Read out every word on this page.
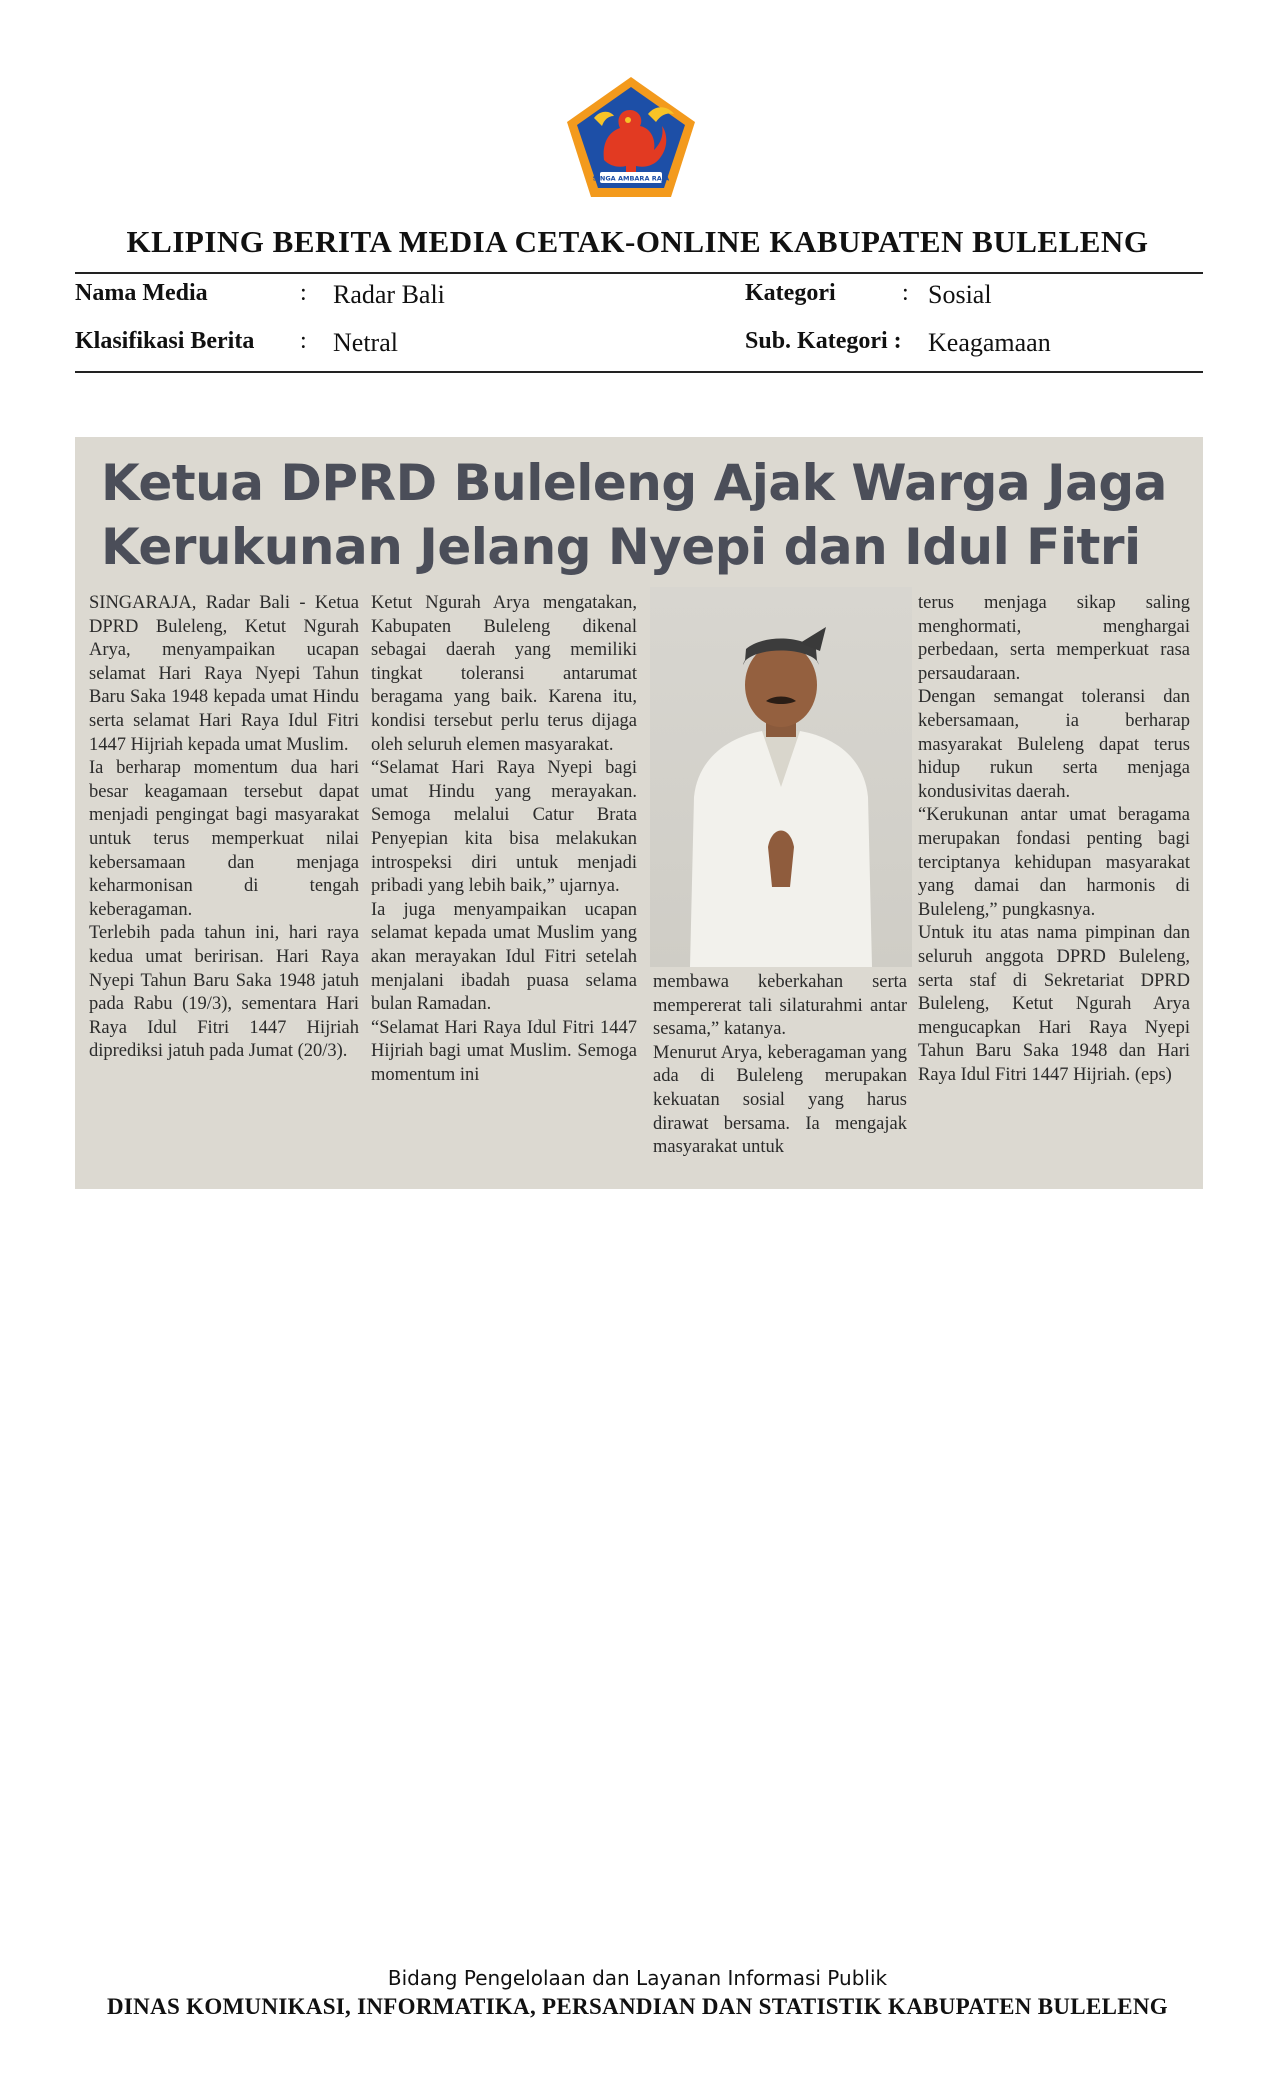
SINGA AMBARA RAJA
KLIPING BERITA MEDIA CETAK-ONLINE KABUPATEN BULELENG
Nama Media	: Radar Bali
Klasifikasi Berita : Netral
Kategori	: Sosial
Sub. Kategori : Keagamaan
Ketua DPRD Buleleng Ajak Warga Jaga
Kerukunan Jelang Nyepi dan Idul Fitri
SINGARAJA, Radar Bali - Ketua DPRD Buleleng, Ketut Ngurah Arya, menyampaikan ucapan selamat Hari Raya Nyepi Tahun Baru Saka 1948 kepada umat Hindu serta selamat Hari Raya Idul Fitri 1447 Hijriah kepada umat Muslim.
Ia berharap momentum dua hari besar keagamaan tersebut dapat menjadi pengingat bagi masyarakat untuk terus memperkuat nilai kebersamaan dan menjaga keharmonisan di tengah keberagaman.
Terlebih pada tahun ini, hari raya kedua umat beririsan. Hari Raya Nyepi Tahun Baru Saka 1948 jatuh pada Rabu (19/3), sementara Hari Raya Idul Fitri 1447 Hijriah diprediksi jatuh pada Jumat (20/3).
Ketut Ngurah Arya mengatakan, Kabupaten Buleleng dikenal sebagai daerah yang memiliki tingkat toleransi antarumat beragama yang baik. Karena itu, kondisi tersebut perlu terus dijaga oleh seluruh elemen masyarakat.
“Selamat Hari Raya Nyepi bagi umat Hindu yang merayakan. Semoga melalui Catur Brata Penyepian kita bisa melakukan introspeksi diri untuk menjadi pribadi yang lebih baik,” ujarnya.
Ia juga menyampaikan ucapan selamat kepada umat Muslim yang akan merayakan Idul Fitri setelah menjalani ibadah puasa selama bulan Ramadan.
“Selamat Hari Raya Idul Fitri 1447 Hijriah bagi umat Muslim. Semoga momentum ini
membawa keberkahan serta mempererat tali silaturahmi antar sesama,” katanya.
Menurut Arya, keberagaman yang ada di Buleleng merupakan kekuatan sosial yang harus dirawat bersama. Ia mengajak masyarakat untuk
terus menjaga sikap saling menghormati, menghargai perbedaan, serta memperkuat rasa persaudaraan.
Dengan semangat toleransi dan kebersamaan, ia berharap masyarakat Buleleng dapat terus hidup rukun serta menjaga kondusivitas daerah.
“Kerukunan antar umat beragama merupakan fondasi penting bagi terciptanya kehidupan masyarakat yang damai dan harmonis di Buleleng,” pungkasnya.
Untuk itu atas nama pimpinan dan seluruh anggota DPRD Buleleng, serta staf di Sekretariat DPRD Buleleng, Ketut Ngurah Arya mengucapkan Hari Raya Nyepi Tahun Baru Saka 1948 dan Hari Raya Idul Fitri 1447 Hijriah. (eps)
Bidang Pengelolaan dan Layanan Informasi Publik
DINAS KOMUNIKASI, INFORMATIKA, PERSANDIAN DAN STATISTIK KABUPATEN BULELENG
